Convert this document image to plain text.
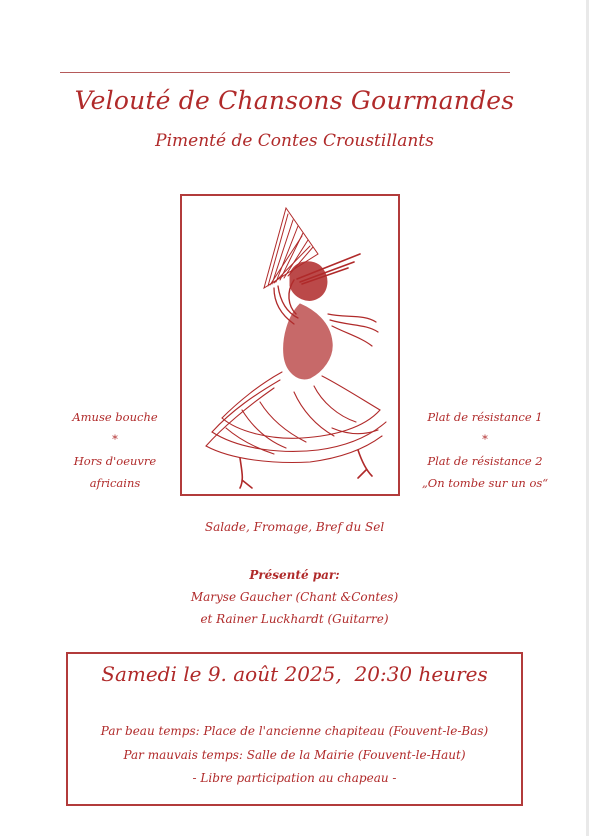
Velouté de Chansons Gourmandes
Pimenté de Contes Croustillants
Amuse bouche
*
Hors d'oeuvre
africains
Plat de résistance 1
*
Plat de résistance 2
„On tombe sur un os“
Salade, Fromage, Bref du Sel
Présenté par:
Maryse Gaucher (Chant &Contes)
et Rainer Luckhardt (Guitarre)
Samedi le 9. août 2025,  20:30 heures
Par beau temps: Place de l'ancienne chapiteau (Fouvent-le-Bas)
Par mauvais temps: Salle de la Mairie (Fouvent-le-Haut)
- Libre participation au chapeau -
